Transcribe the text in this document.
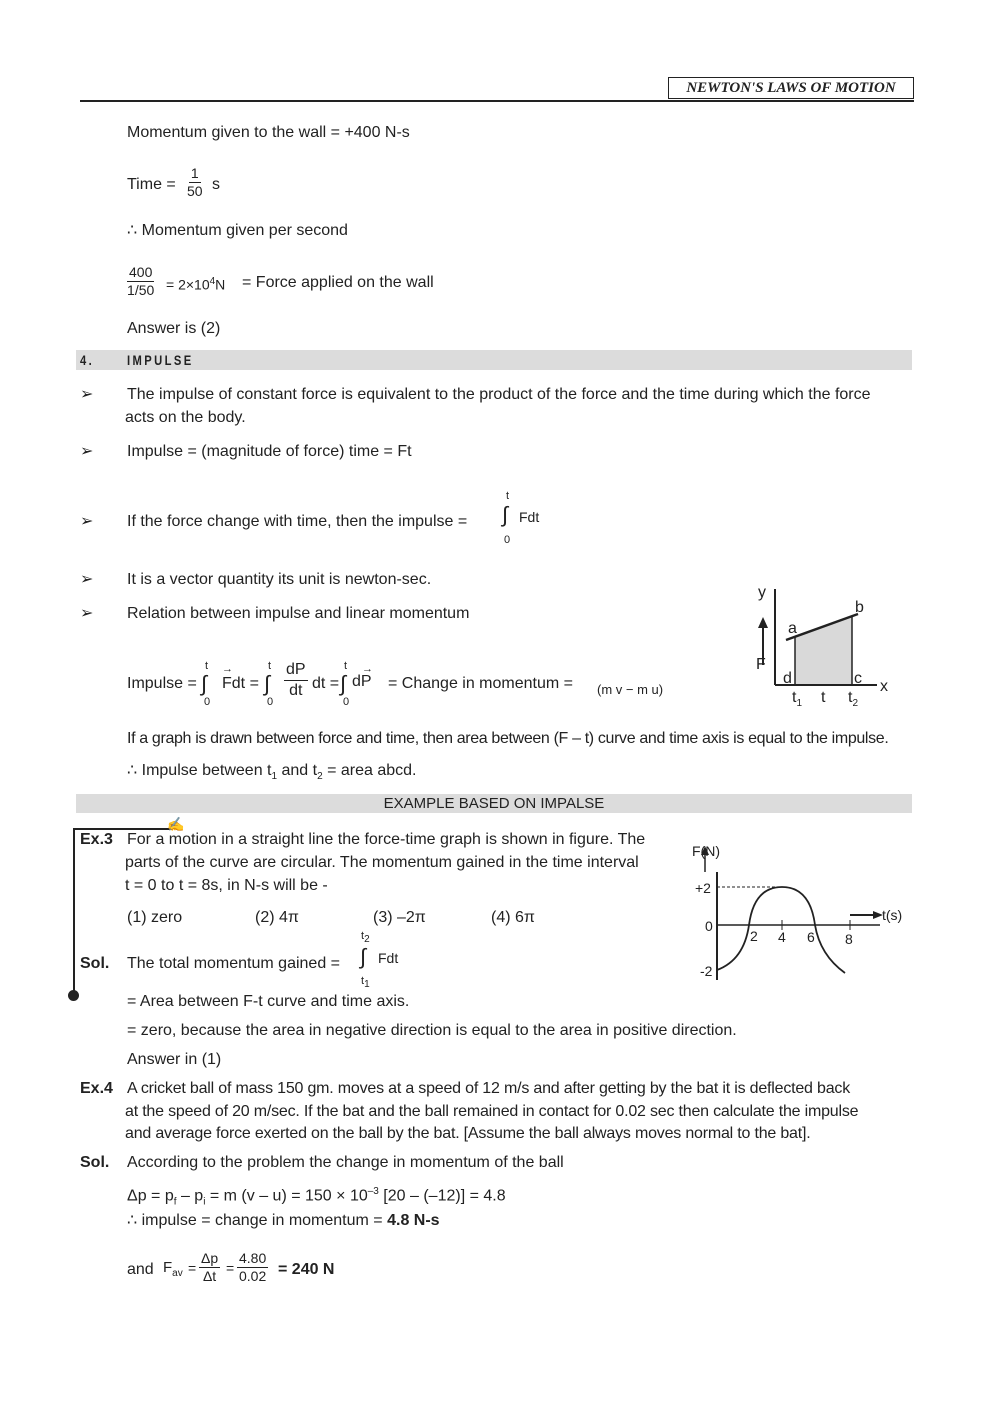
NEWTON'S LAWS OF MOTION
Momentum given to the wall = +400 N-s
Time = $\frac{1}{50}$ s
∴ Momentum given per second
$\frac{400}{1/50} = 2\times 10^4N$ = Force applied on the wall
Answer is (2)
4. IMPULSE
➢ The impulse of constant force is equivalent to the product of the force and the time during which the force
acts on the body.
➢ Impulse = (magnitude of force) time = Ft
➢ If the force change with time, then the impulse =
t
∫
0
Fdt
➢ It is a vector quantity its unit is newton-sec.
➢ Relation between impulse and linear momentum
Impulse =
t
∫
0
→
Fdt =
t
∫
0
$\frac{dP}{dt}$ dt =
t
∫
0
→
dP = Change in momentum = (m v − m u)
y
x
F
a
b
c
d
$t_1$ t $t_2$
If a graph is drawn between force and time, then area between (F – t) curve and time axis is equal to the impulse.
∴ Impulse between $t_1$ and $t_2$ = area abcd.
EXAMPLE BASED ON IMPALSE
✍
Ex.3 For a motion in a straight line the force-time graph is shown in figure. The
parts of the curve are circular. The momentum gained in the time interval
t = 0 to t = 8s, in N-s will be -
(1) zero	(2) 4π	(3) –2π	(4) 6π
Sol. The total momentum gained =
$t_2$
∫
$t_1$
Fdt
= Area between F-t curve and time axis.
= zero, because the area in negative direction is equal to the area in positive direction.
Answer in (1)
F(N)
t(s)
+2
0
-2
2 4 6 8
Ex.4 A cricket ball of mass 150 gm. moves at a speed of 12 m/s and after getting by the bat it is deflected back
at the speed of 20 m/sec. If the bat and the ball remained in contact for 0.02 sec then calculate the impulse
and average force exerted on the ball by the bat. [Assume the ball always moves normal to the bat].
Sol. According to the problem the change in momentum of the ball
$\Delta p = p_f - p_i = m$ $(v - u) = 150 \times 10^{-3}$ [20 – (–12)] = 4.8
∴ impulse = change in momentum = 4.8 N-s
and $F_{av} = \frac{\Delta p}{\Delta t} = \frac{4.80}{0.02} = 240$ N
